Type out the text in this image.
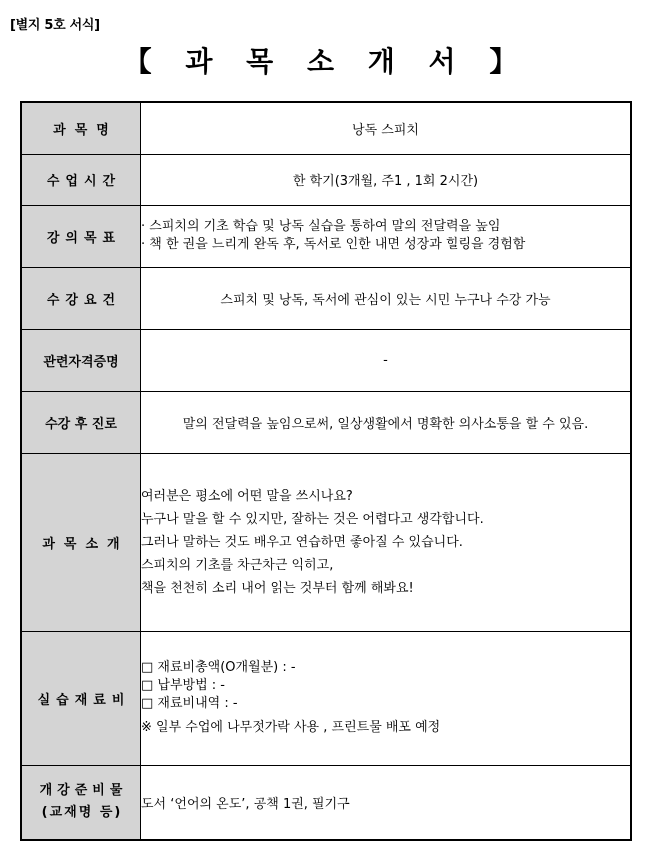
[별지 5호 서식]
【 과 목 소 개 서 】
과목명	낭독 스피치
수업시간	한 학기(3개월, 주1 , 1회 2시간)
강의목표	· 스피치의 기초 학습 및 낭독 실습을 통하여 말의 전달력을 높임
· 책 한 권을 느리게 완독 후, 독서로 인한 내면 성장과 힐링을 경험함

수강요건	스피치 및 낭독, 독서에 관심이 있는 시민 누구나 수강 가능
관련자격증명	-
수강 후 진로	말의 전달력을 높임으로써, 일상생활에서 명확한 의사소통을 할 수 있음.
과목소개	여러분은 평소에 어떤 말을 쓰시나요?
누구나 말을 할 수 있지만, 잘하는 것은 어렵다고 생각합니다.
그러나 말하는 것도 배우고 연습하면 좋아질 수 있습니다.
스피치의 기초를 차근차근 익히고,
책을 천천히 소리 내어 읽는 것부터 함께 해봐요!

실습재료비	□ 재료비총액(O개월분) : -
□ 납부방법 : -
□ 재료비내역 : -
※ 일부 수업에 나무젓가락 사용 , 프린트물 배포 예정

개강준비물
(교재명 등)	도서 ‘언어의 온도’, 공책 1권, 필기구
